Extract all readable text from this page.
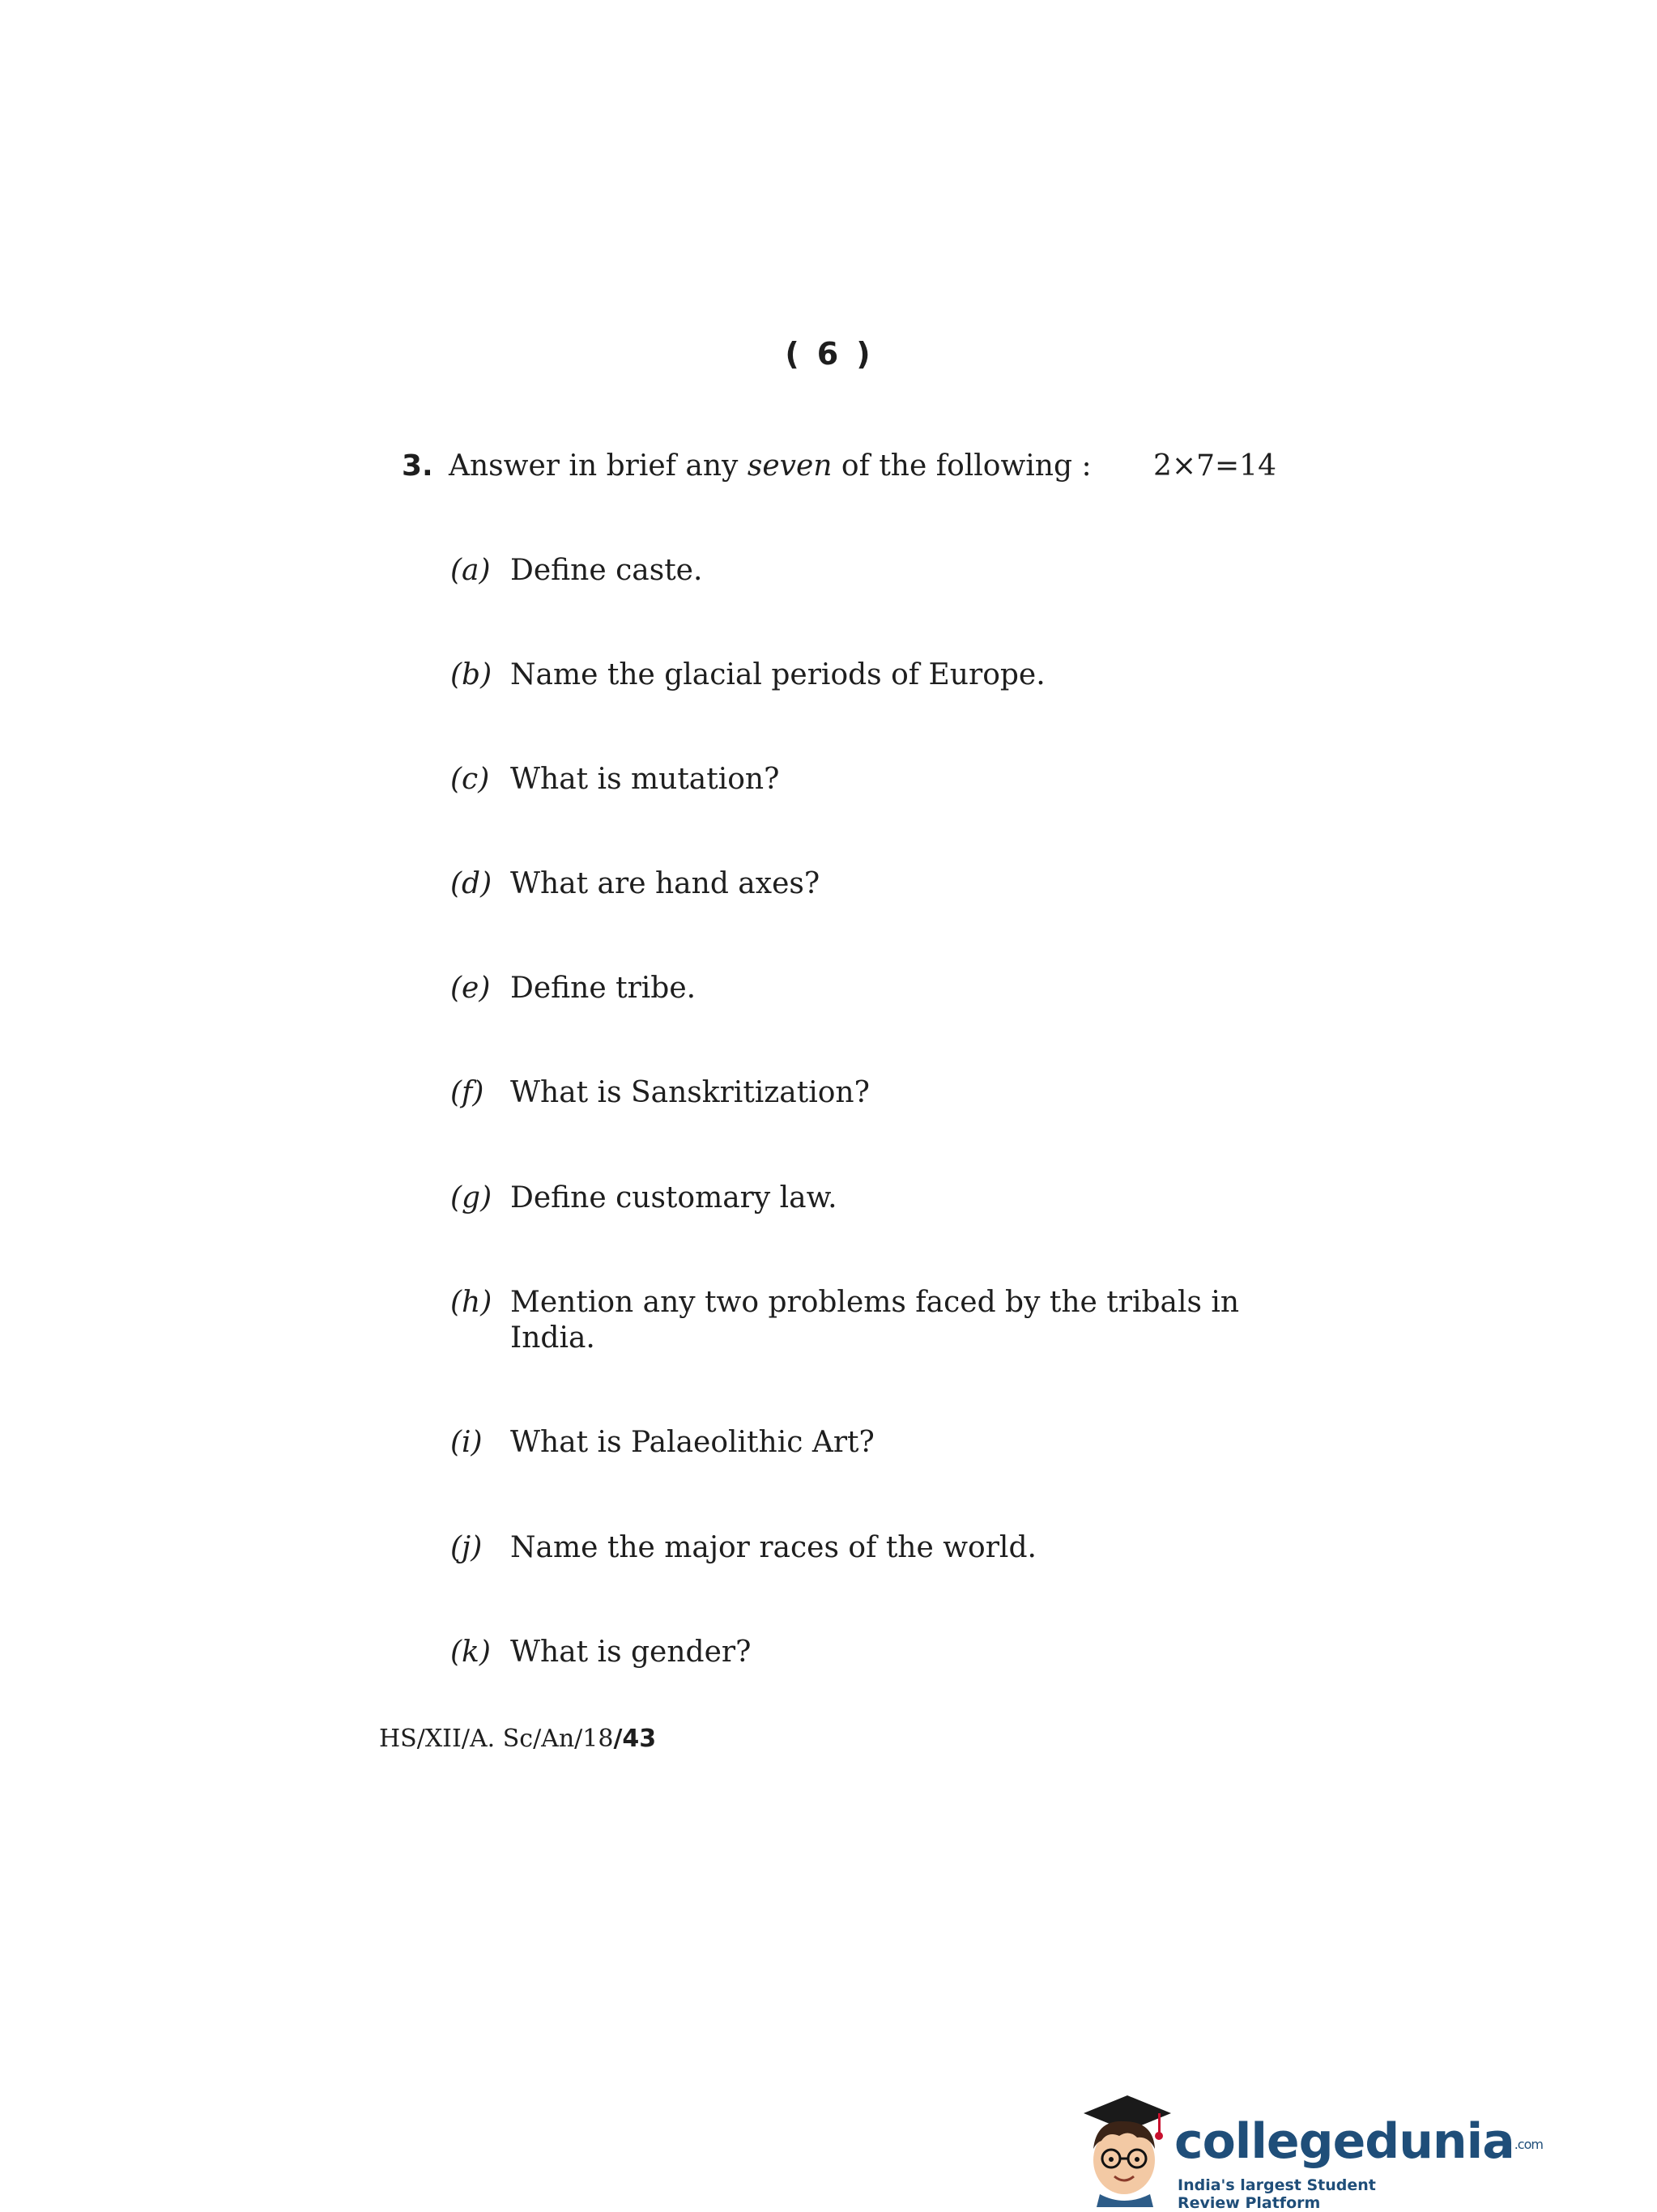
( 6 )
3. Answer in brief any seven of the following : 2×7=14
(a) Define caste.
(b) Name the glacial periods of Europe.
(c) What is mutation?
(d) What are hand axes?
(e) Define tribe.
(f) What is Sanskritization?
(g) Define customary law.
(h) Mention any two problems faced by the tribals in India.
(i) What is Palaeolithic Art?
(j) Name the major races of the world.
(k) What is gender?
HS/XII/A. Sc/An/18/43
collegedunia.com
India's largest Student Review Platform
